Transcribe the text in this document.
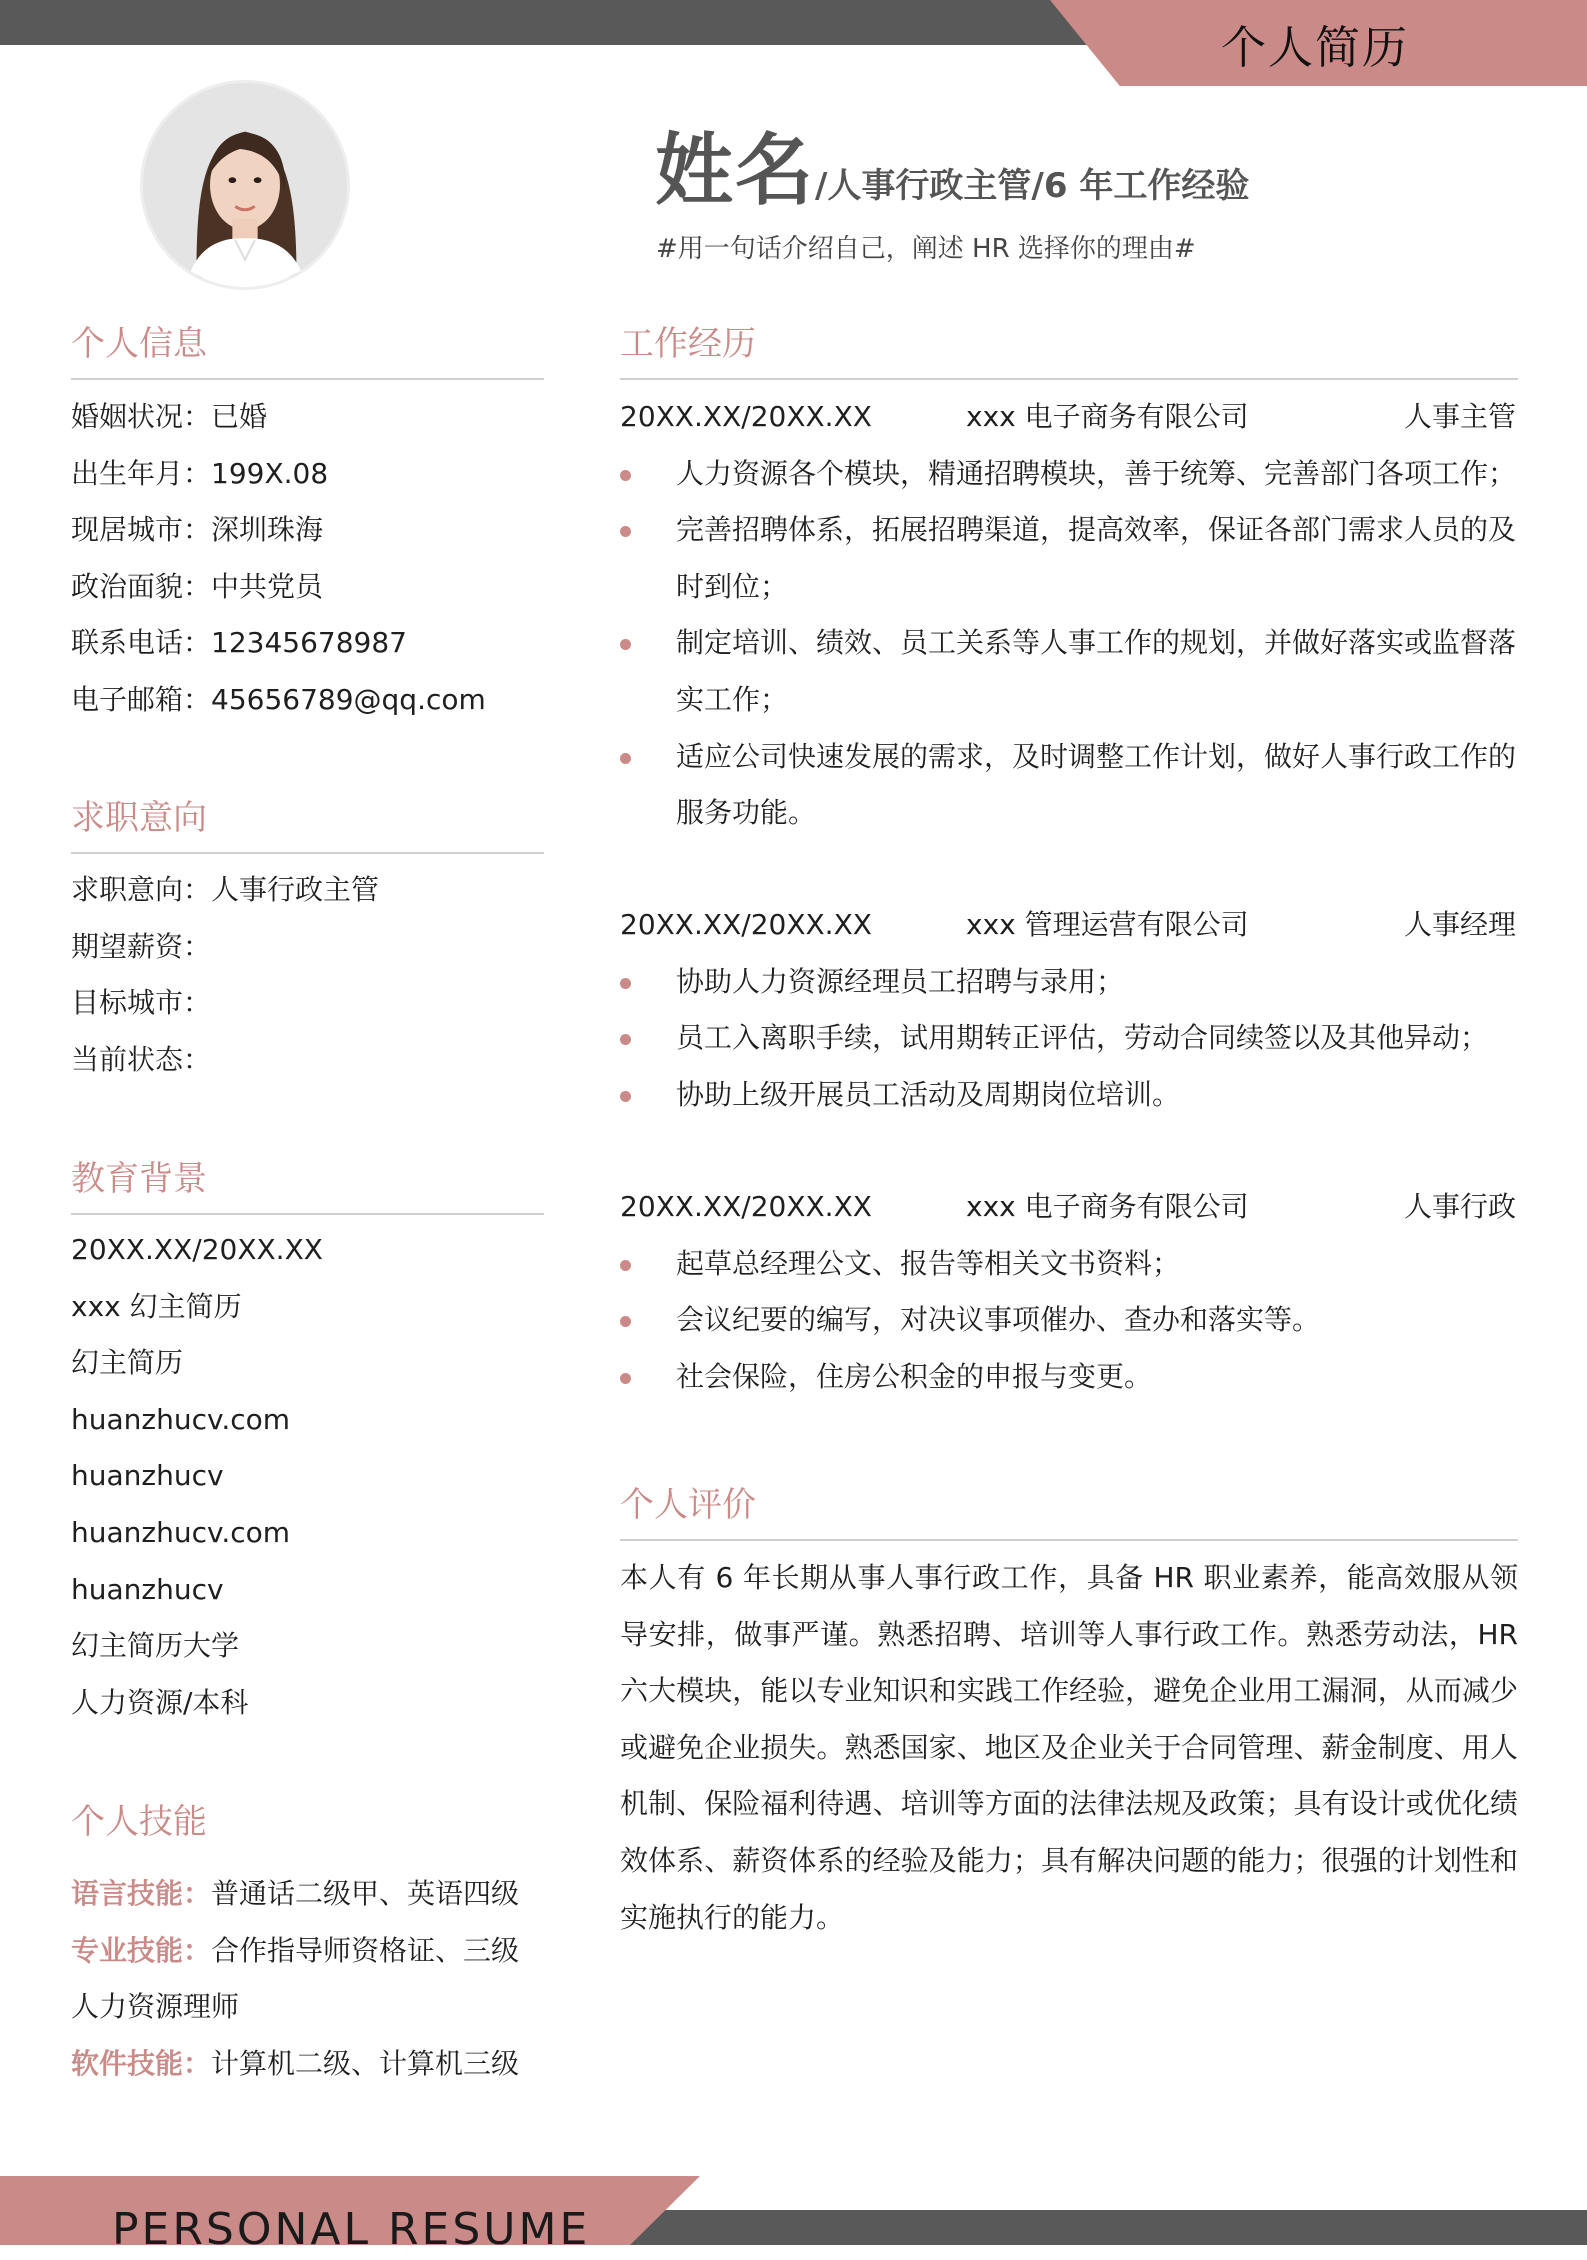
个人简历
PERSONAL RESUME
姓名/人事行政主管/6 年工作经验
#用一句话介绍自己，阐述 HR 选择你的理由#
个人信息
婚姻状况：已婚
出生年月：199X.08
现居城市：深圳珠海
政治面貌：中共党员
联系电话：12345678987
电子邮箱：45656789@qq.com
求职意向
求职意向：人事行政主管
期望薪资：
目标城市：
当前状态：
教育背景
20XX.XX/20XX.XX
xxx 幻主简历
幻主简历
huanzhucv.com
huanzhucv
huanzhucv.com
huanzhucv
幻主简历大学
人力资源/本科
个人技能
语言技能：普通话二级甲、英语四级
专业技能：合作指导师资格证、三级
人力资源理师
软件技能：计算机二级、计算机三级
工作经历
20XX.XX/20XX.XX	xxx 电子商务有限公司	人事主管
人力资源各个模块，精通招聘模块，善于统筹、完善部门各项工作；
完善招聘体系，拓展招聘渠道，提高效率，保证各部门需求人员的及时到位；
制定培训、绩效、员工关系等人事工作的规划，并做好落实或监督落实工作；
适应公司快速发展的需求，及时调整工作计划，做好人事行政工作的服务功能。
20XX.XX/20XX.XX	xxx 管理运营有限公司	人事经理
协助人力资源经理员工招聘与录用；
员工入离职手续，试用期转正评估，劳动合同续签以及其他异动；
协助上级开展员工活动及周期岗位培训。
20XX.XX/20XX.XX	xxx 电子商务有限公司	人事行政
起草总经理公文、报告等相关文书资料；
会议纪要的编写，对决议事项催办、查办和落实等。
社会保险，住房公积金的申报与变更。
个人评价
本人有 6 年长期从事人事行政工作，具备 HR 职业素养，能高效服从领导安排，做事严谨。熟悉招聘、培训等人事行政工作。熟悉劳动法，HR 六大模块，能以专业知识和实践工作经验，避免企业用工漏洞，从而减少或避免企业损失。熟悉国家、地区及企业关于合同管理、薪金制度、用人机制、保险福利待遇、培训等方面的法律法规及政策；具有设计或优化绩效体系、薪资体系的经验及能力；具有解决问题的能力；很强的计划性和实施执行的能力。
